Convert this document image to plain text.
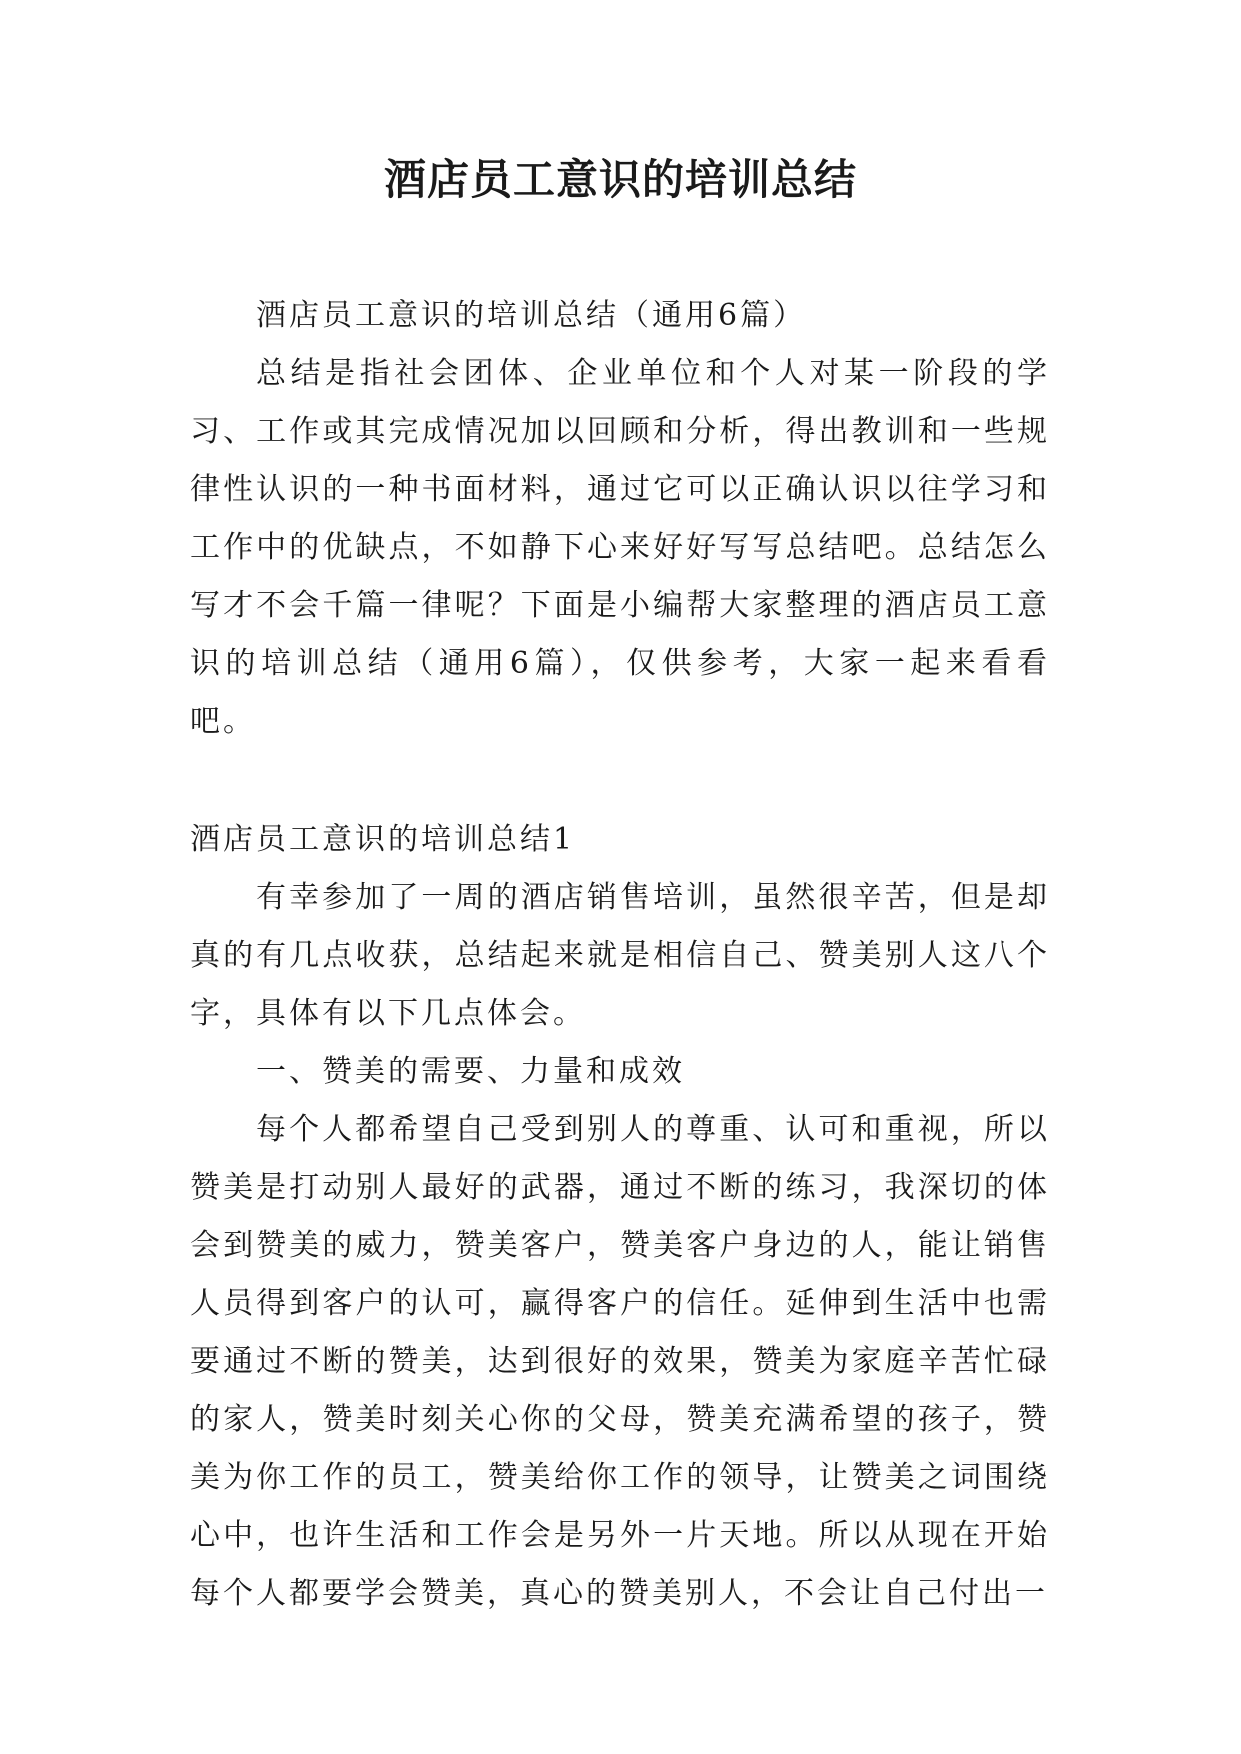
酒店员工意识的培训总结

酒店员工意识的培训总结（通用6篇）

总结是指社会团体、企业单位和个人对某一阶段的学习、工作或其完成情况加以回顾和分析，得出教训和一些规律性认识的一种书面材料，通过它可以正确认识以往学习和工作中的优缺点，不如静下心来好好写写总结吧。总结怎么写才不会千篇一律呢？下面是小编帮大家整理的酒店员工意识的培训总结（通用6篇），仅供参考，大家一起来看看吧。

酒店员工意识的培训总结1

有幸参加了一周的酒店销售培训，虽然很辛苦，但是却真的有几点收获，总结起来就是相信自己、赞美别人这八个字，具体有以下几点体会。

一、赞美的需要、力量和成效

每个人都希望自己受到别人的尊重、认可和重视，所以赞美是打动别人最好的武器，通过不断的练习，我深切的体会到赞美的威力，赞美客户，赞美客户身边的人，能让销售人员得到客户的认可，赢得客户的信任。延伸到生活中也需要通过不断的赞美，达到很好的效果，赞美为家庭辛苦忙碌的家人，赞美时刻关心你的父母，赞美充满希望的孩子，赞美为你工作的员工，赞美给你工作的领导，让赞美之词围绕心中，也许生活和工作会是另外一片天地。所以从现在开始每个人都要学会赞美，真心的赞美别人，不会让自己付出一
